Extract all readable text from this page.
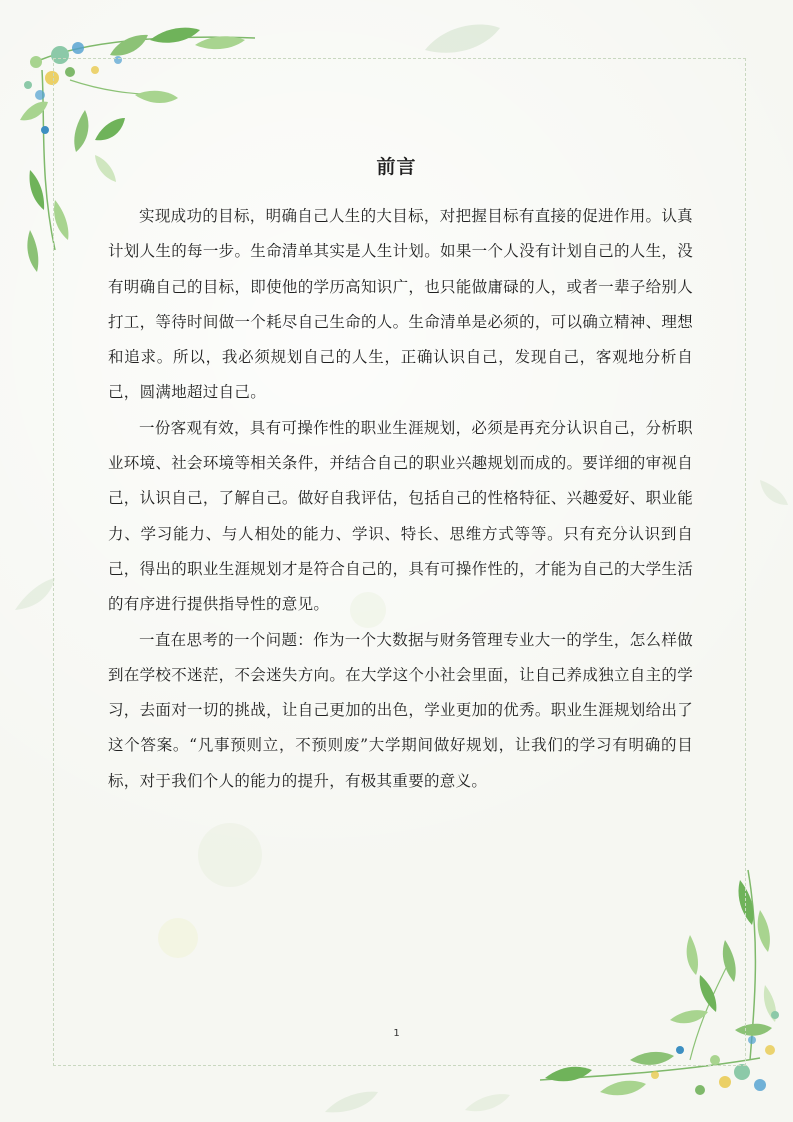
前言

实现成功的目标，明确自己人生的大目标，对把握目标有直接的促进作用。认真计划人生的每一步。生命清单其实是人生计划。如果一个人没有计划自己的人生，没有明确自己的目标，即使他的学历高知识广，也只能做庸碌的人，或者一辈子给别人打工，等待时间做一个耗尽自己生命的人。生命清单是必须的，可以确立精神、理想和追求。所以，我必须规划自己的人生，正确认识自己，发现自己，客观地分析自己，圆满地超过自己。

一份客观有效，具有可操作性的职业生涯规划，必须是再充分认识自己，分析职业环境、社会环境等相关条件，并结合自己的职业兴趣规划而成的。要详细的审视自己，认识自己，了解自己。做好自我评估，包括自己的性格特征、兴趣爱好、职业能力、学习能力、与人相处的能力、学识、特长、思维方式等等。只有充分认识到自己，得出的职业生涯规划才是符合自己的，具有可操作性的，才能为自己的大学生活的有序进行提供指导性的意见。

一直在思考的一个问题：作为一个大数据与财务管理专业大一的学生，怎么样做到在学校不迷茫，不会迷失方向。在大学这个小社会里面，让自己养成独立自主的学习，去面对一切的挑战，让自己更加的出色，学业更加的优秀。职业生涯规划给出了这个答案。“凡事预则立，不预则废”大学期间做好规划，让我们的学习有明确的目标，对于我们个人的能力的提升，有极其重要的意义。

1
